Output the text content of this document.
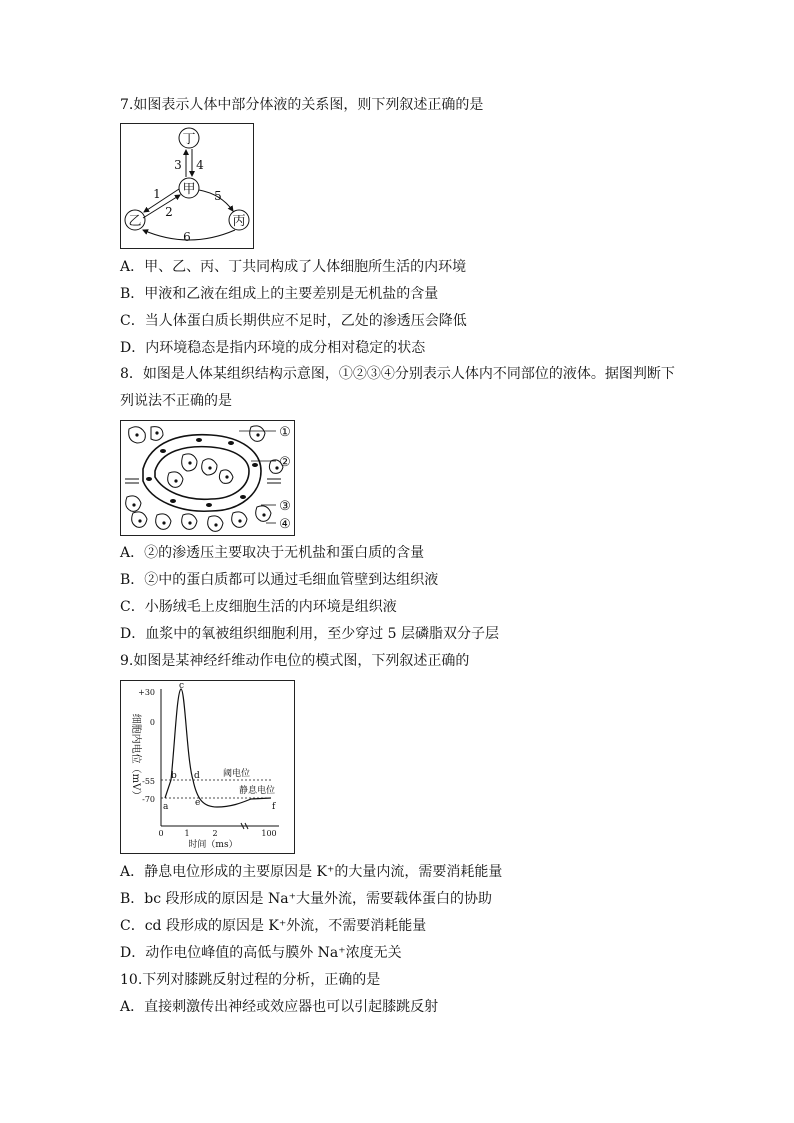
7.如图表示人体中部分体液的关系图，则下列叙述正确的是
丁
甲
乙	丙
3 4
1
2
5
6
A．甲、乙、丙、丁共同构成了人体细胞所生活的内环境
B．甲液和乙液在组成上的主要差别是无机盐的含量
C．当人体蛋白质长期供应不足时，乙处的渗透压会降低
D．内环境稳态是指内环境的成分相对稳定的状态
8．如图是人体某组织结构示意图，①②③④分别表示人体内不同部位的液体。据图判断下
列说法不正确的是
①
②
③
④
A．②的渗透压主要取决于无机盐和蛋白质的含量
B．②中的蛋白质都可以通过毛细血管壁到达组织液
C．小肠绒毛上皮细胞生活的内环境是组织液
D．血浆中的氧被组织细胞利用，至少穿过 5 层磷脂双分子层
9.如图是某神经纤维动作电位的模式图，下列叙述正确的
细胞内电位（mV）
+30
0
-55
-70
0	1	2	100
时间（ms）
阈电位
静息电位
a
b
c
d
e	f
A．静息电位形成的主要原因是 K⁺的大量内流，需要消耗能量
B．bc 段形成的原因是 Na⁺大量外流，需要载体蛋白的协助
C．cd 段形成的原因是 K⁺外流，不需要消耗能量
D．动作电位峰值的高低与膜外 Na⁺浓度无关
10.下列对膝跳反射过程的分析，正确的是
A．直接刺激传出神经或效应器也可以引起膝跳反射
